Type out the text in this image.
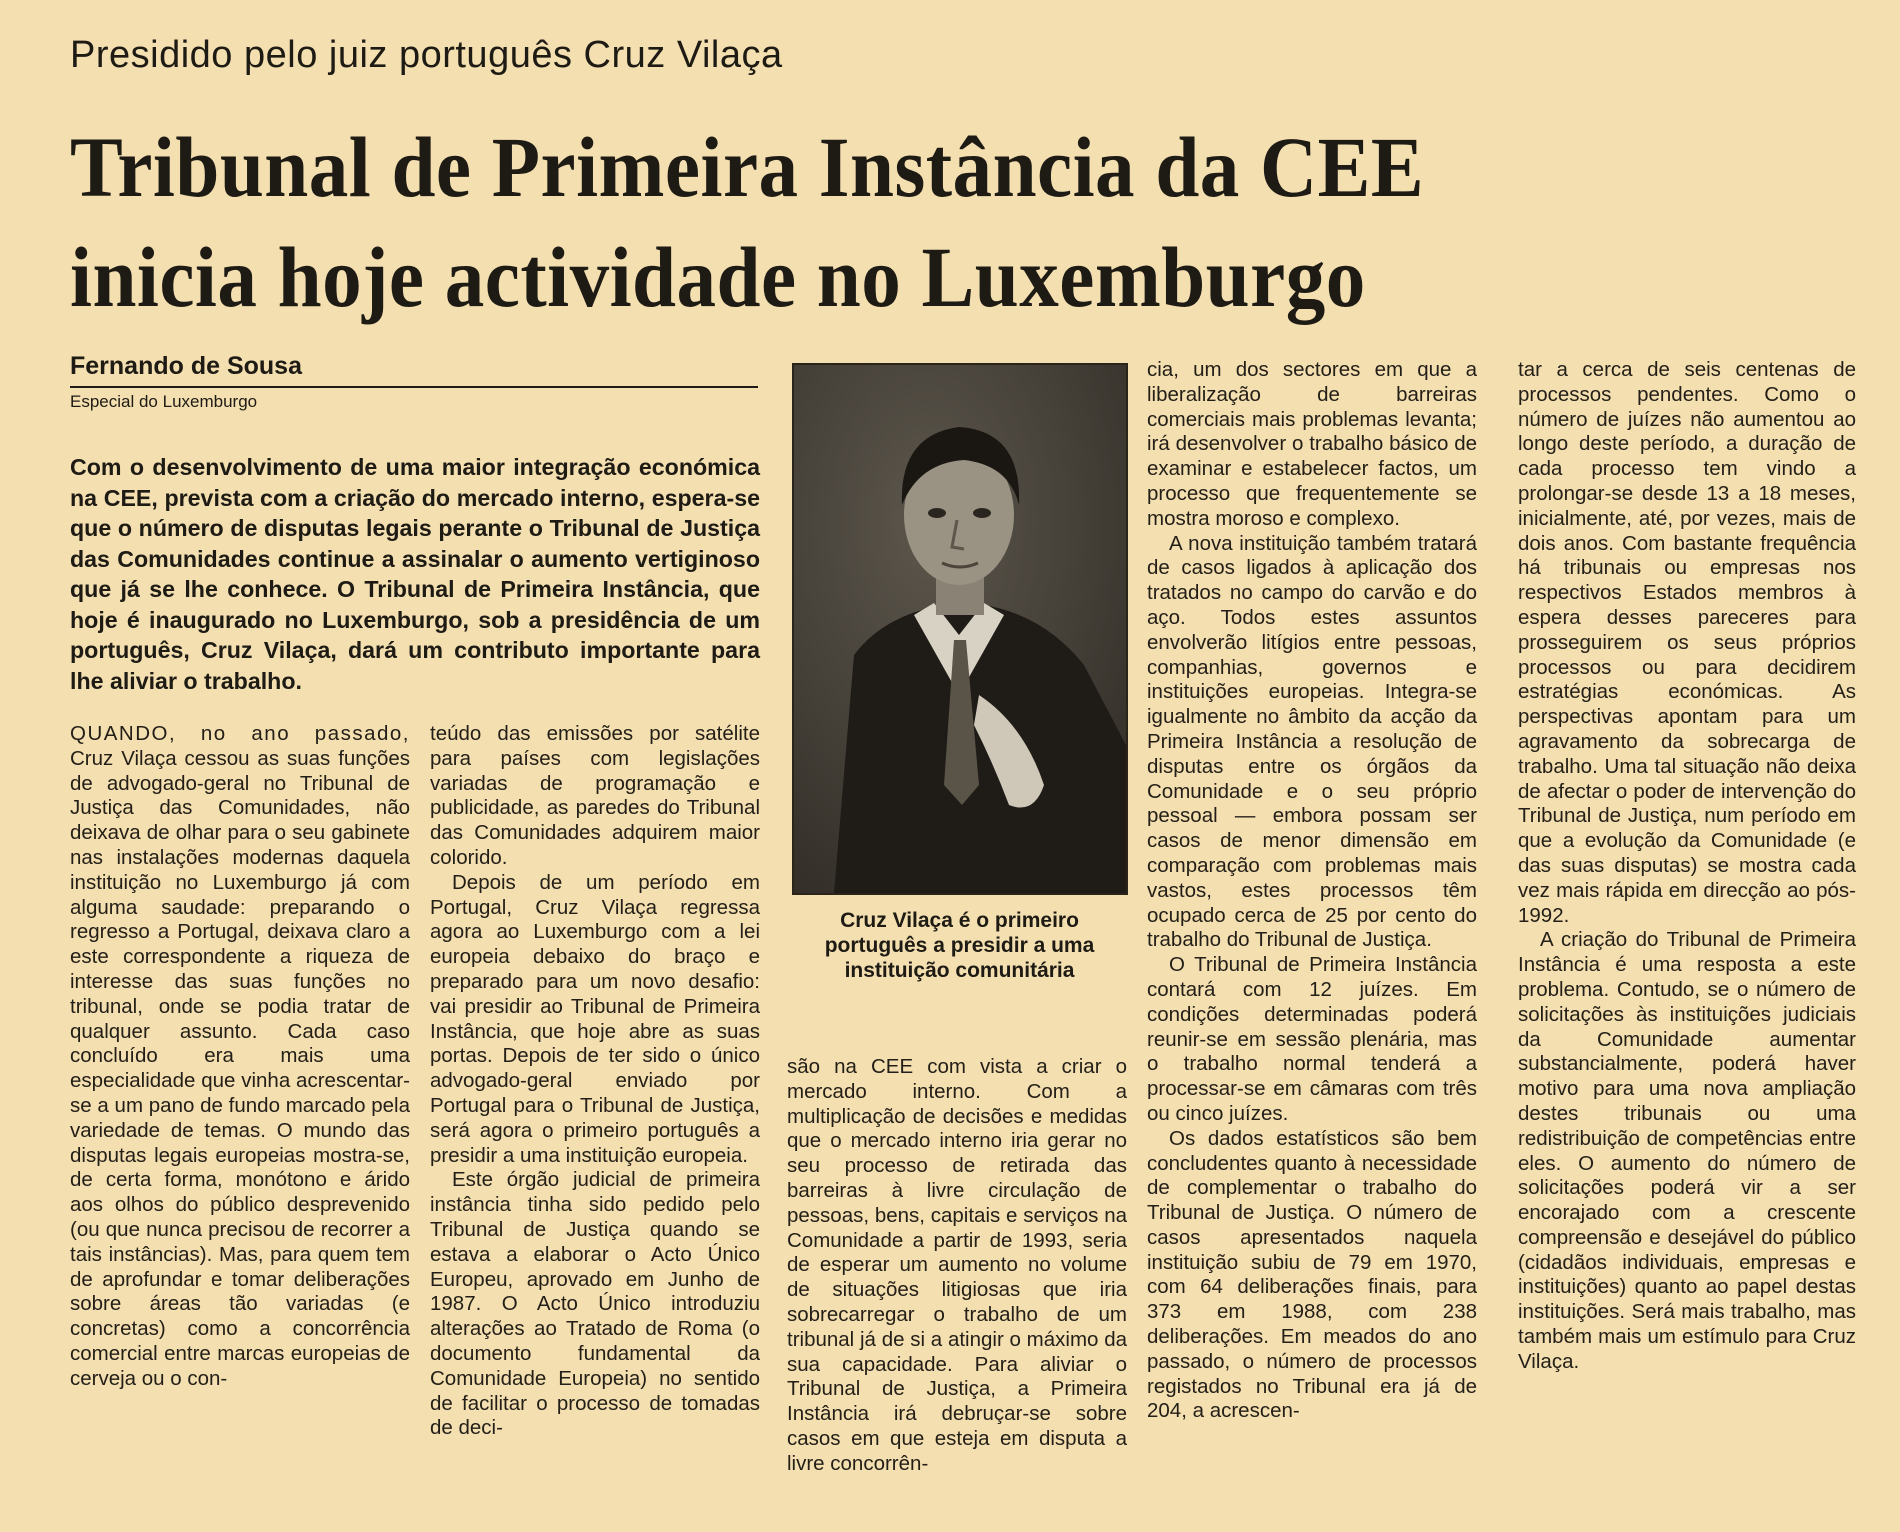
Presidido pelo juiz português Cruz Vilaça
Tribunal de Primeira Instância da CEE
inicia hoje actividade no Luxemburgo
Fernando de Sousa
Especial do Luxemburgo

Com o desenvolvimento de uma maior integração económica na CEE, prevista com a criação do mercado interno, espera-se que o número de disputas legais perante o Tribunal de Justiça das Comunidades continue a assinalar o aumento vertiginoso que já se lhe conhece. O Tribunal de Primeira Instância, que hoje é inaugurado no Luxemburgo, sob a presidência de um português, Cruz Vilaça, dará um contributo importante para lhe aliviar o trabalho.

QUANDO, no ano passado, Cruz Vilaça cessou as suas funções de advogado-geral no Tribunal de Justiça das Comunidades, não deixava de olhar para o seu gabinete nas instalações modernas daquela instituição no Luxemburgo já com alguma saudade: preparando o regresso a Portugal, deixava claro a este correspondente a riqueza de interesse das suas funções no tribunal, onde se podia tratar de qualquer assunto. Cada caso concluído era mais uma especialidade que vinha acrescentar-se a um pano de fundo marcado pela variedade de temas. O mundo das disputas legais europeias mostra-se, de certa forma, monótono e árido aos olhos do público desprevenido (ou que nunca precisou de recorrer a tais instâncias). Mas, para quem tem de aprofundar e tomar deliberações sobre áreas tão variadas (e concretas) como a concorrência comercial entre marcas europeias de cerveja ou o con-

teúdo das emissões por satélite para países com legislações variadas de programação e publicidade, as paredes do Tribunal das Comunidades adquirem maior colorido.

Depois de um período em Portugal, Cruz Vilaça regressa agora ao Luxemburgo com a lei europeia debaixo do braço e preparado para um novo desafio: vai presidir ao Tribunal de Primeira Instância, que hoje abre as suas portas. Depois de ter sido o único advogado-geral enviado por Portugal para o Tribunal de Justiça, será agora o primeiro português a presidir a uma instituição europeia.

Este órgão judicial de primeira instância tinha sido pedido pelo Tribunal de Justiça quando se estava a elaborar o Acto Único Europeu, aprovado em Junho de 1987. O Acto Único introduziu alterações ao Tratado de Roma (o documento fundamental da Comunidade Europeia) no sentido de facilitar o processo de tomadas de deci-

Cruz Vilaça é o primeiro português a presidir a uma instituição comunitária

são na CEE com vista a criar o mercado interno. Com a multiplicação de decisões e medidas que o mercado interno iria gerar no seu processo de retirada das barreiras à livre circulação de pessoas, bens, capitais e serviços na Comunidade a partir de 1993, seria de esperar um aumento no volume de situações litigiosas que iria sobrecarregar o trabalho de um tribunal já de si a atingir o máximo da sua capacidade. Para aliviar o Tribunal de Justiça, a Primeira Instância irá debruçar-se sobre casos em que esteja em disputa a livre concorrên-

cia, um dos sectores em que a liberalização de barreiras comerciais mais problemas levanta; irá desenvolver o trabalho básico de examinar e estabelecer factos, um processo que frequentemente se mostra moroso e complexo.

A nova instituição também tratará de casos ligados à aplicação dos tratados no campo do carvão e do aço. Todos estes assuntos envolverão litígios entre pessoas, companhias, governos e instituições europeias. Integra-se igualmente no âmbito da acção da Primeira Instância a resolução de disputas entre os órgãos da Comunidade e o seu próprio pessoal — embora possam ser casos de menor dimensão em comparação com problemas mais vastos, estes processos têm ocupado cerca de 25 por cento do trabalho do Tribunal de Justiça.

O Tribunal de Primeira Instância contará com 12 juízes. Em condições determinadas poderá reunir-se em sessão plenária, mas o trabalho normal tenderá a processar-se em câmaras com três ou cinco juízes.

Os dados estatísticos são bem concludentes quanto à necessidade de complementar o trabalho do Tribunal de Justiça. O número de casos apresentados naquela instituição subiu de 79 em 1970, com 64 deliberações finais, para 373 em 1988, com 238 deliberações. Em meados do ano passado, o número de processos registados no Tribunal era já de 204, a acrescen-

tar a cerca de seis centenas de processos pendentes. Como o número de juízes não aumentou ao longo deste período, a duração de cada processo tem vindo a prolongar-se desde 13 a 18 meses, inicialmente, até, por vezes, mais de dois anos. Com bastante frequência há tribunais ou empresas nos respectivos Estados membros à espera desses pareceres para prosseguirem os seus próprios processos ou para decidirem estratégias económicas. As perspectivas apontam para um agravamento da sobrecarga de trabalho. Uma tal situação não deixa de afectar o poder de intervenção do Tribunal de Justiça, num período em que a evolução da Comunidade (e das suas disputas) se mostra cada vez mais rápida em direcção ao pós-1992.

A criação do Tribunal de Primeira Instância é uma resposta a este problema. Contudo, se o número de solicitações às instituições judiciais da Comunidade aumentar substancialmente, poderá haver motivo para uma nova ampliação destes tribunais ou uma redistribuição de competências entre eles. O aumento do número de solicitações poderá vir a ser encorajado com a crescente compreensão e desejável do público (cidadãos individuais, empresas e instituições) quanto ao papel destas instituições. Será mais trabalho, mas também mais um estímulo para Cruz Vilaça.
